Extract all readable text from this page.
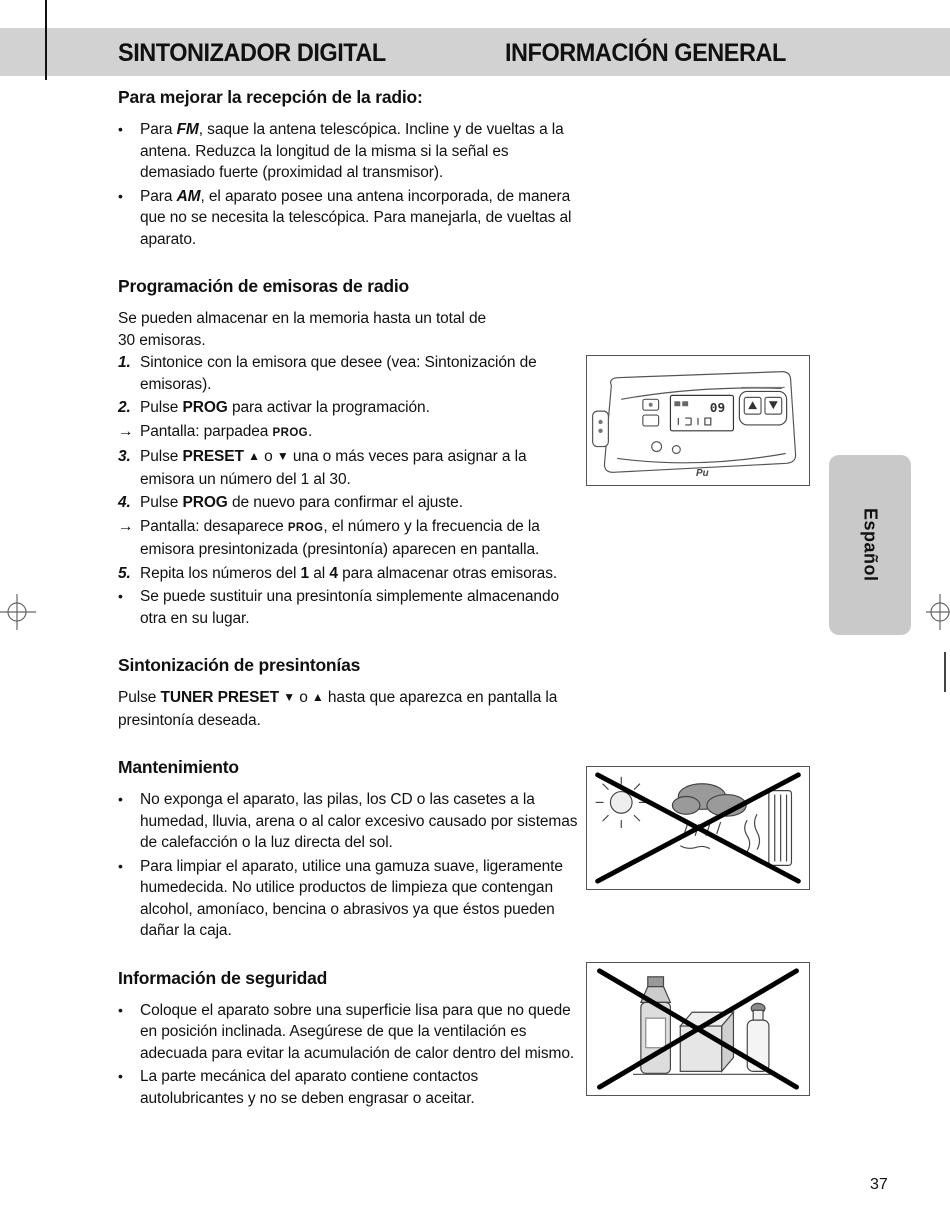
SINTONIZADOR DIGITAL	INFORMACIÓN GENERAL
Para mejorar la recepción de la radio:
•	Para FM, saque la antena telescópica. Incline y de vueltas a la antena. Reduzca la longitud de la misma si la señal es demasiado fuerte (proximidad al transmisor).
•	Para AM, el aparato posee una antena incorporada, de manera que no se necesita la telescópica. Para manejarla, de vueltas al aparato.
Programación de emisoras de radio

Se pueden almacenar en la memoria hasta un total de 30 emisoras.

1. Sintonice con la emisora que desee (vea: Sintonización de emisoras).
2. Pulse PROG para activar la programación.
→ Pantalla: parpadea PROG.
3. Pulse PRESET ▲ o ▼ una o más veces para asignar a la emisora un número del 1 al 30.
4. Pulse PROG de nuevo para confirmar el ajuste.
→ Pantalla: desaparece PROG, el número y la frecuencia de la emisora presintonizada (presintonía) aparecen en pantalla.
5. Repita los números del 1 al 4 para almacenar otras emisoras.
•	Se puede sustituir una presintonía simplemente almacenando otra en su lugar.
Sintonización de presintonías

Pulse TUNER PRESET ▼ o ▲ hasta que aparezca en pantalla la presintonía deseada.

Mantenimiento
•	No exponga el aparato, las pilas, los CD o las casetes a la humedad, lluvia, arena o al calor excesivo causado por sistemas de calefacción o la luz directa del sol.
•	Para limpiar el aparato, utilice una gamuza suave, ligeramente humedecida. No utilice productos de limpieza que contengan alcohol, amoníaco, bencina o abrasivos ya que éstos pueden dañar la caja.
Información de seguridad
•	Coloque el aparato sobre una superficie lisa para que no quede en posición inclinada. Asegúrese de que la ventilación es adecuada para evitar la acumulación de calor dentro del mismo.
•	La parte mecánica del aparato contiene contactos autolubricantes y no se deben engrasar o aceitar.
09
Pu
Español
37
